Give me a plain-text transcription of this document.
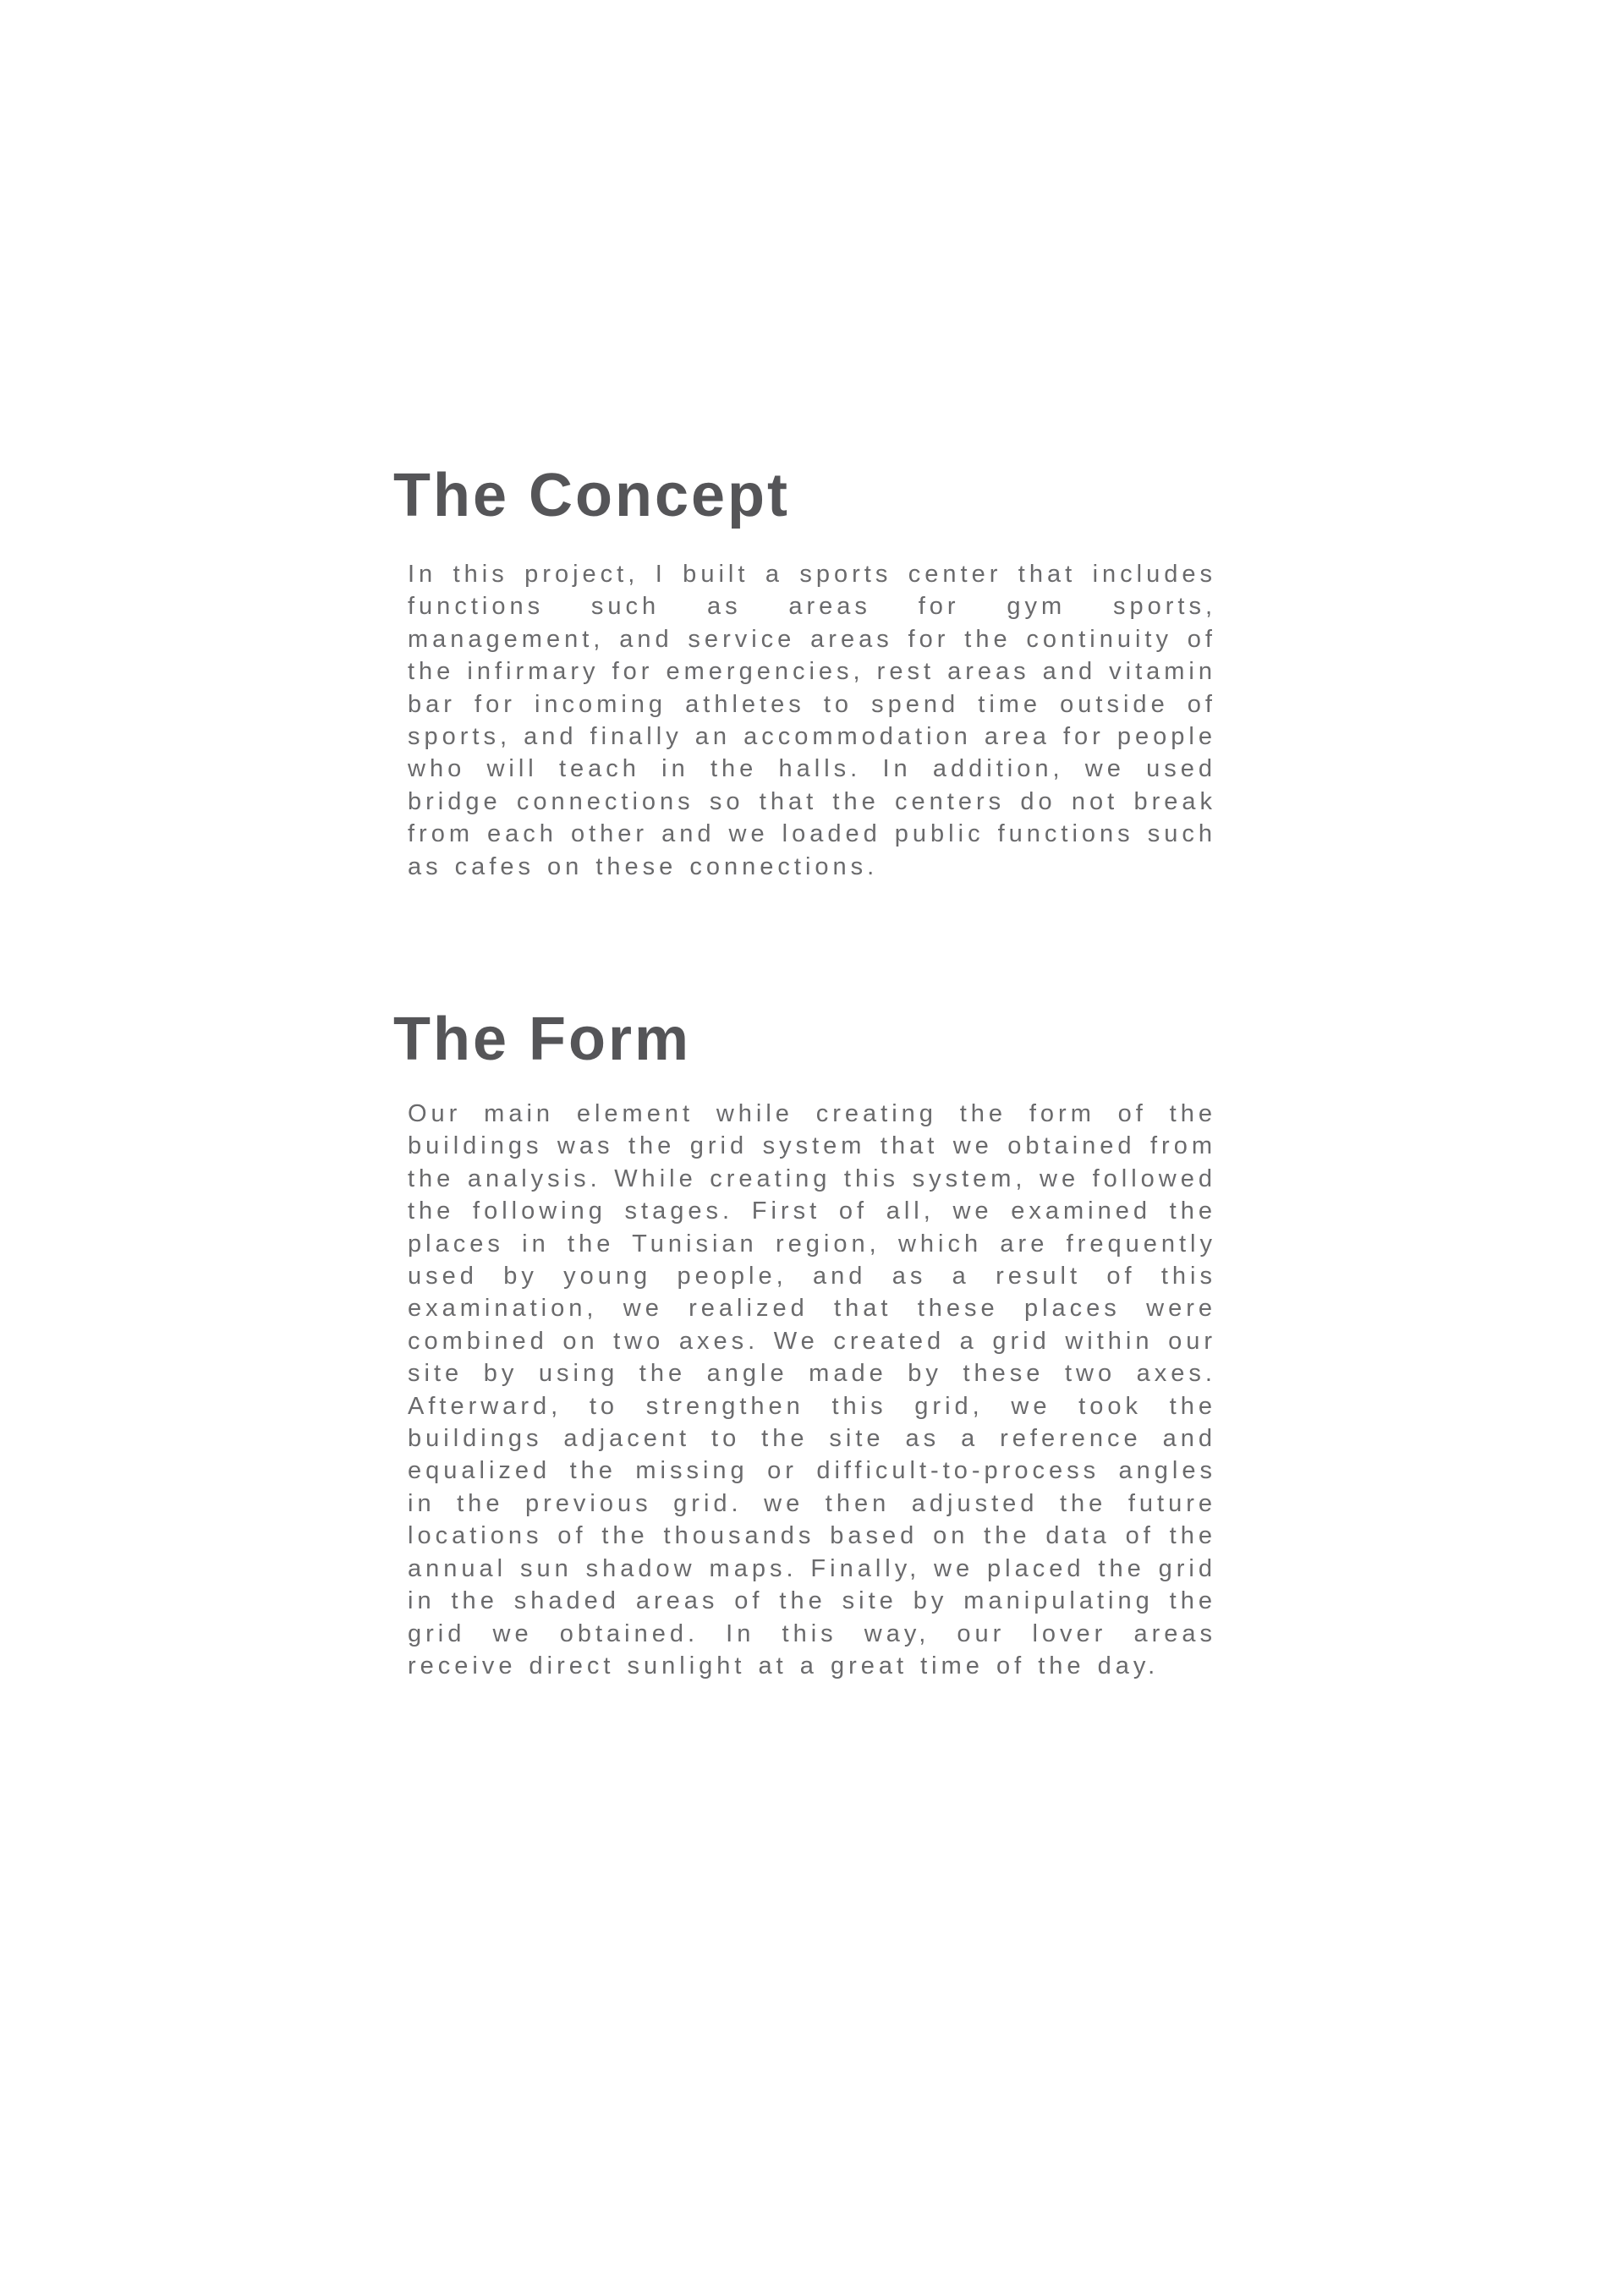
The Concept

In this project, I built a sports center that includes functions such as areas for gym sports, management, and service areas for the continuity of the infirmary for emergencies, rest areas and vitamin bar for incoming athletes to spend time outside of sports, and finally an accommodation area for people who will teach in the halls. In addition, we used bridge connections so that the centers do not break from each other and we loaded public functions such as cafes on these connections.

The Form

Our main element while creating the form of the buildings was the grid system that we obtained from the analysis. While creating this system, we followed the following stages. First of all, we examined the places in the Tunisian region, which are frequently used by young people, and as a result of this examination, we realized that these places were combined on two axes. We created a grid within our site by using the angle made by these two axes. Afterward, to strengthen this grid, we took the buildings adjacent to the site as a reference and equalized the missing or difficult-to-process angles in the previous grid. we then adjusted the future locations of the thousands based on the data of the annual sun shadow maps. Finally, we placed the grid in the shaded areas of the site by manipulating the grid we obtained. In this way, our lover areas receive direct sunlight at a great time of the day.
